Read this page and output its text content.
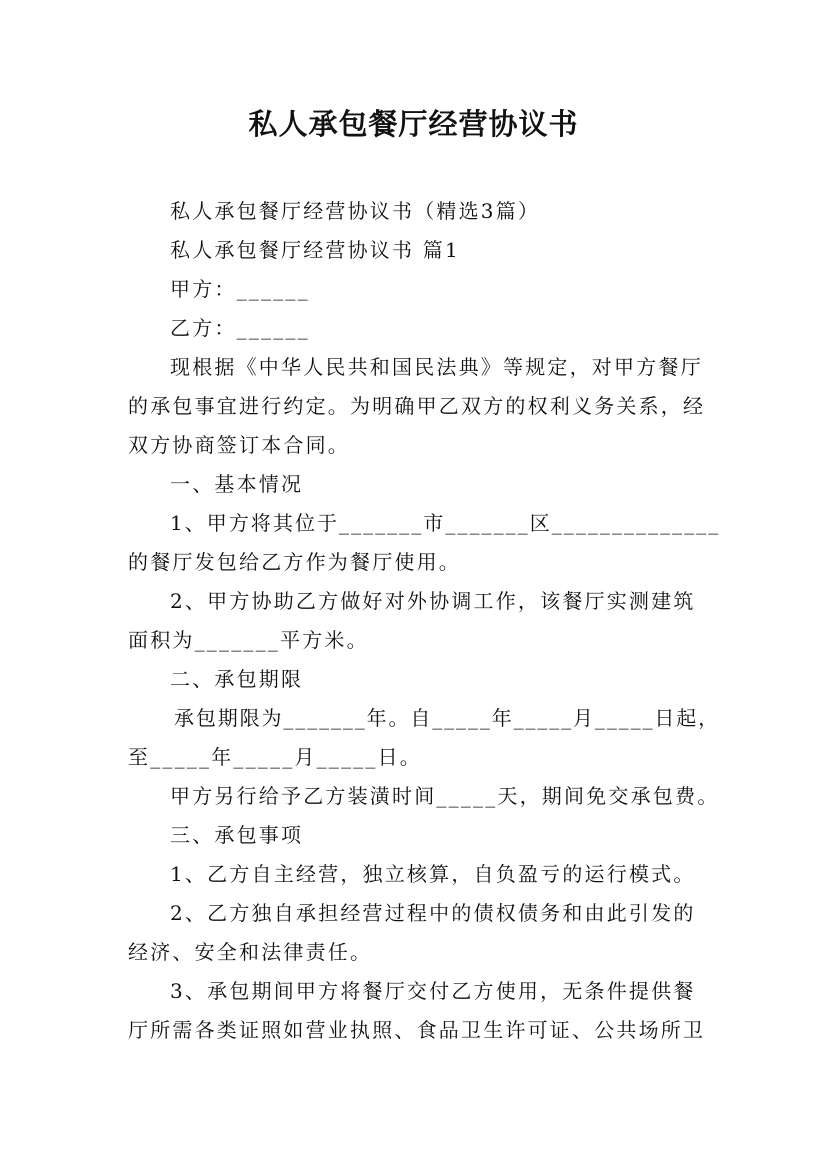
私人承包餐厅经营协议书
私人承包餐厅经营协议书（精选3篇）
私人承包餐厅经营协议书 篇1
甲方：______
乙方：______
现根据《中华人民共和国民法典》等规定，对甲方餐厅
的承包事宜进行约定。为明确甲乙双方的权利义务关系，经
双方协商签订本合同。
一、基本情况
1、甲方将其位于_______市_______区______________
的餐厅发包给乙方作为餐厅使用。
2、甲方协助乙方做好对外协调工作，该餐厅实测建筑
面积为_______平方米。
二、承包期限
承包期限为_______年。自_____年_____月_____日起，
至_____年_____月_____日。
甲方另行给予乙方装潢时间_____天，期间免交承包费。
三、承包事项
1、乙方自主经营，独立核算，自负盈亏的运行模式。
2、乙方独自承担经营过程中的债权债务和由此引发的
经济、安全和法律责任。
3、承包期间甲方将餐厅交付乙方使用，无条件提供餐
厅所需各类证照如营业执照、食品卫生许可证、公共场所卫
